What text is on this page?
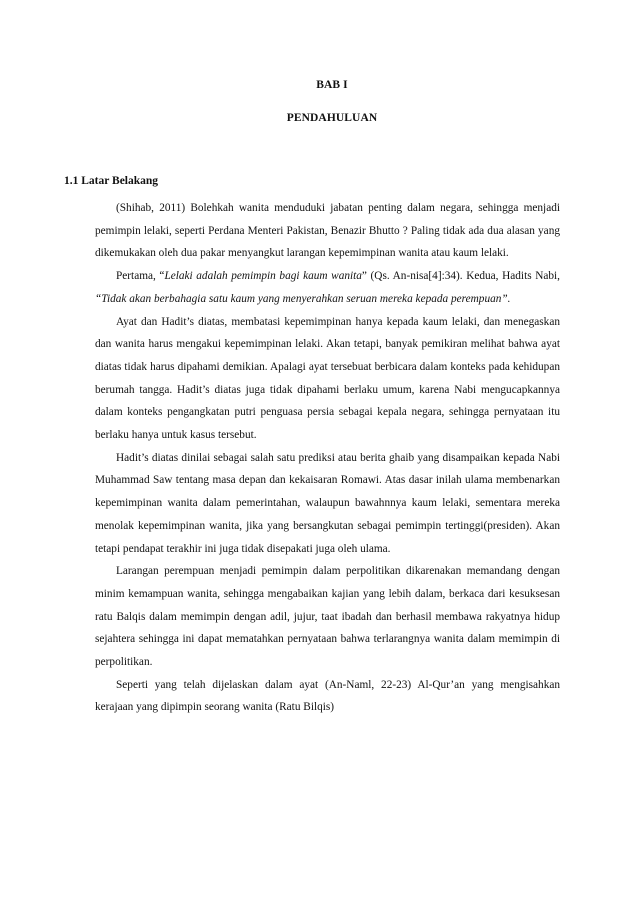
BAB I
PENDAHULUAN
1.1 Latar Belakang

(Shihab, 2011) Bolehkah wanita menduduki jabatan penting dalam negara, sehingga menjadi pemimpin lelaki, seperti Perdana Menteri Pakistan, Benazir Bhutto ? Paling tidak ada dua alasan yang dikemukakan oleh dua pakar menyangkut larangan kepemimpinan wanita atau kaum lelaki.

Pertama, “Lelaki adalah pemimpin bagi kaum wanita” (Qs. An-nisa[4]:34). Kedua, Hadits Nabi, “Tidak akan berbahagia satu kaum yang menyerahkan seruan mereka kepada perempuan”.

Ayat dan Hadit’s diatas, membatasi kepemimpinan hanya kepada kaum lelaki, dan menegaskan dan wanita harus mengakui kepemimpinan lelaki. Akan tetapi, banyak pemikiran melihat bahwa ayat diatas tidak harus dipahami demikian. Apalagi ayat tersebuat berbicara dalam konteks pada kehidupan berumah tangga. Hadit’s diatas juga tidak dipahami berlaku umum, karena Nabi mengucapkannya dalam konteks pengangkatan putri penguasa persia sebagai kepala negara, sehingga pernyataan itu berlaku hanya untuk kasus tersebut.

Hadit’s diatas dinilai sebagai salah satu prediksi atau berita ghaib yang disampaikan kepada Nabi Muhammad Saw tentang masa depan dan kekaisaran Romawi. Atas dasar inilah ulama membenarkan kepemimpinan wanita dalam pemerintahan, walaupun bawahnnya kaum lelaki, sementara mereka menolak kepemimpinan wanita, jika yang bersangkutan sebagai pemimpin tertinggi(presiden). Akan tetapi pendapat terakhir ini juga tidak disepakati juga oleh ulama.

Larangan perempuan menjadi pemimpin dalam perpolitikan dikarenakan memandang dengan minim kemampuan wanita, sehingga mengabaikan kajian yang lebih dalam, berkaca dari kesuksesan ratu Balqis dalam memimpin dengan adil, jujur, taat ibadah dan berhasil membawa rakyatnya hidup sejahtera sehingga ini dapat mematahkan pernyataan bahwa terlarangnya wanita dalam memimpin di perpolitikan.

Seperti yang telah dijelaskan dalam ayat (An-Naml, 22-23) Al-Qur’an yang mengisahkan kerajaan yang dipimpin seorang wanita (Ratu Bilqis)
